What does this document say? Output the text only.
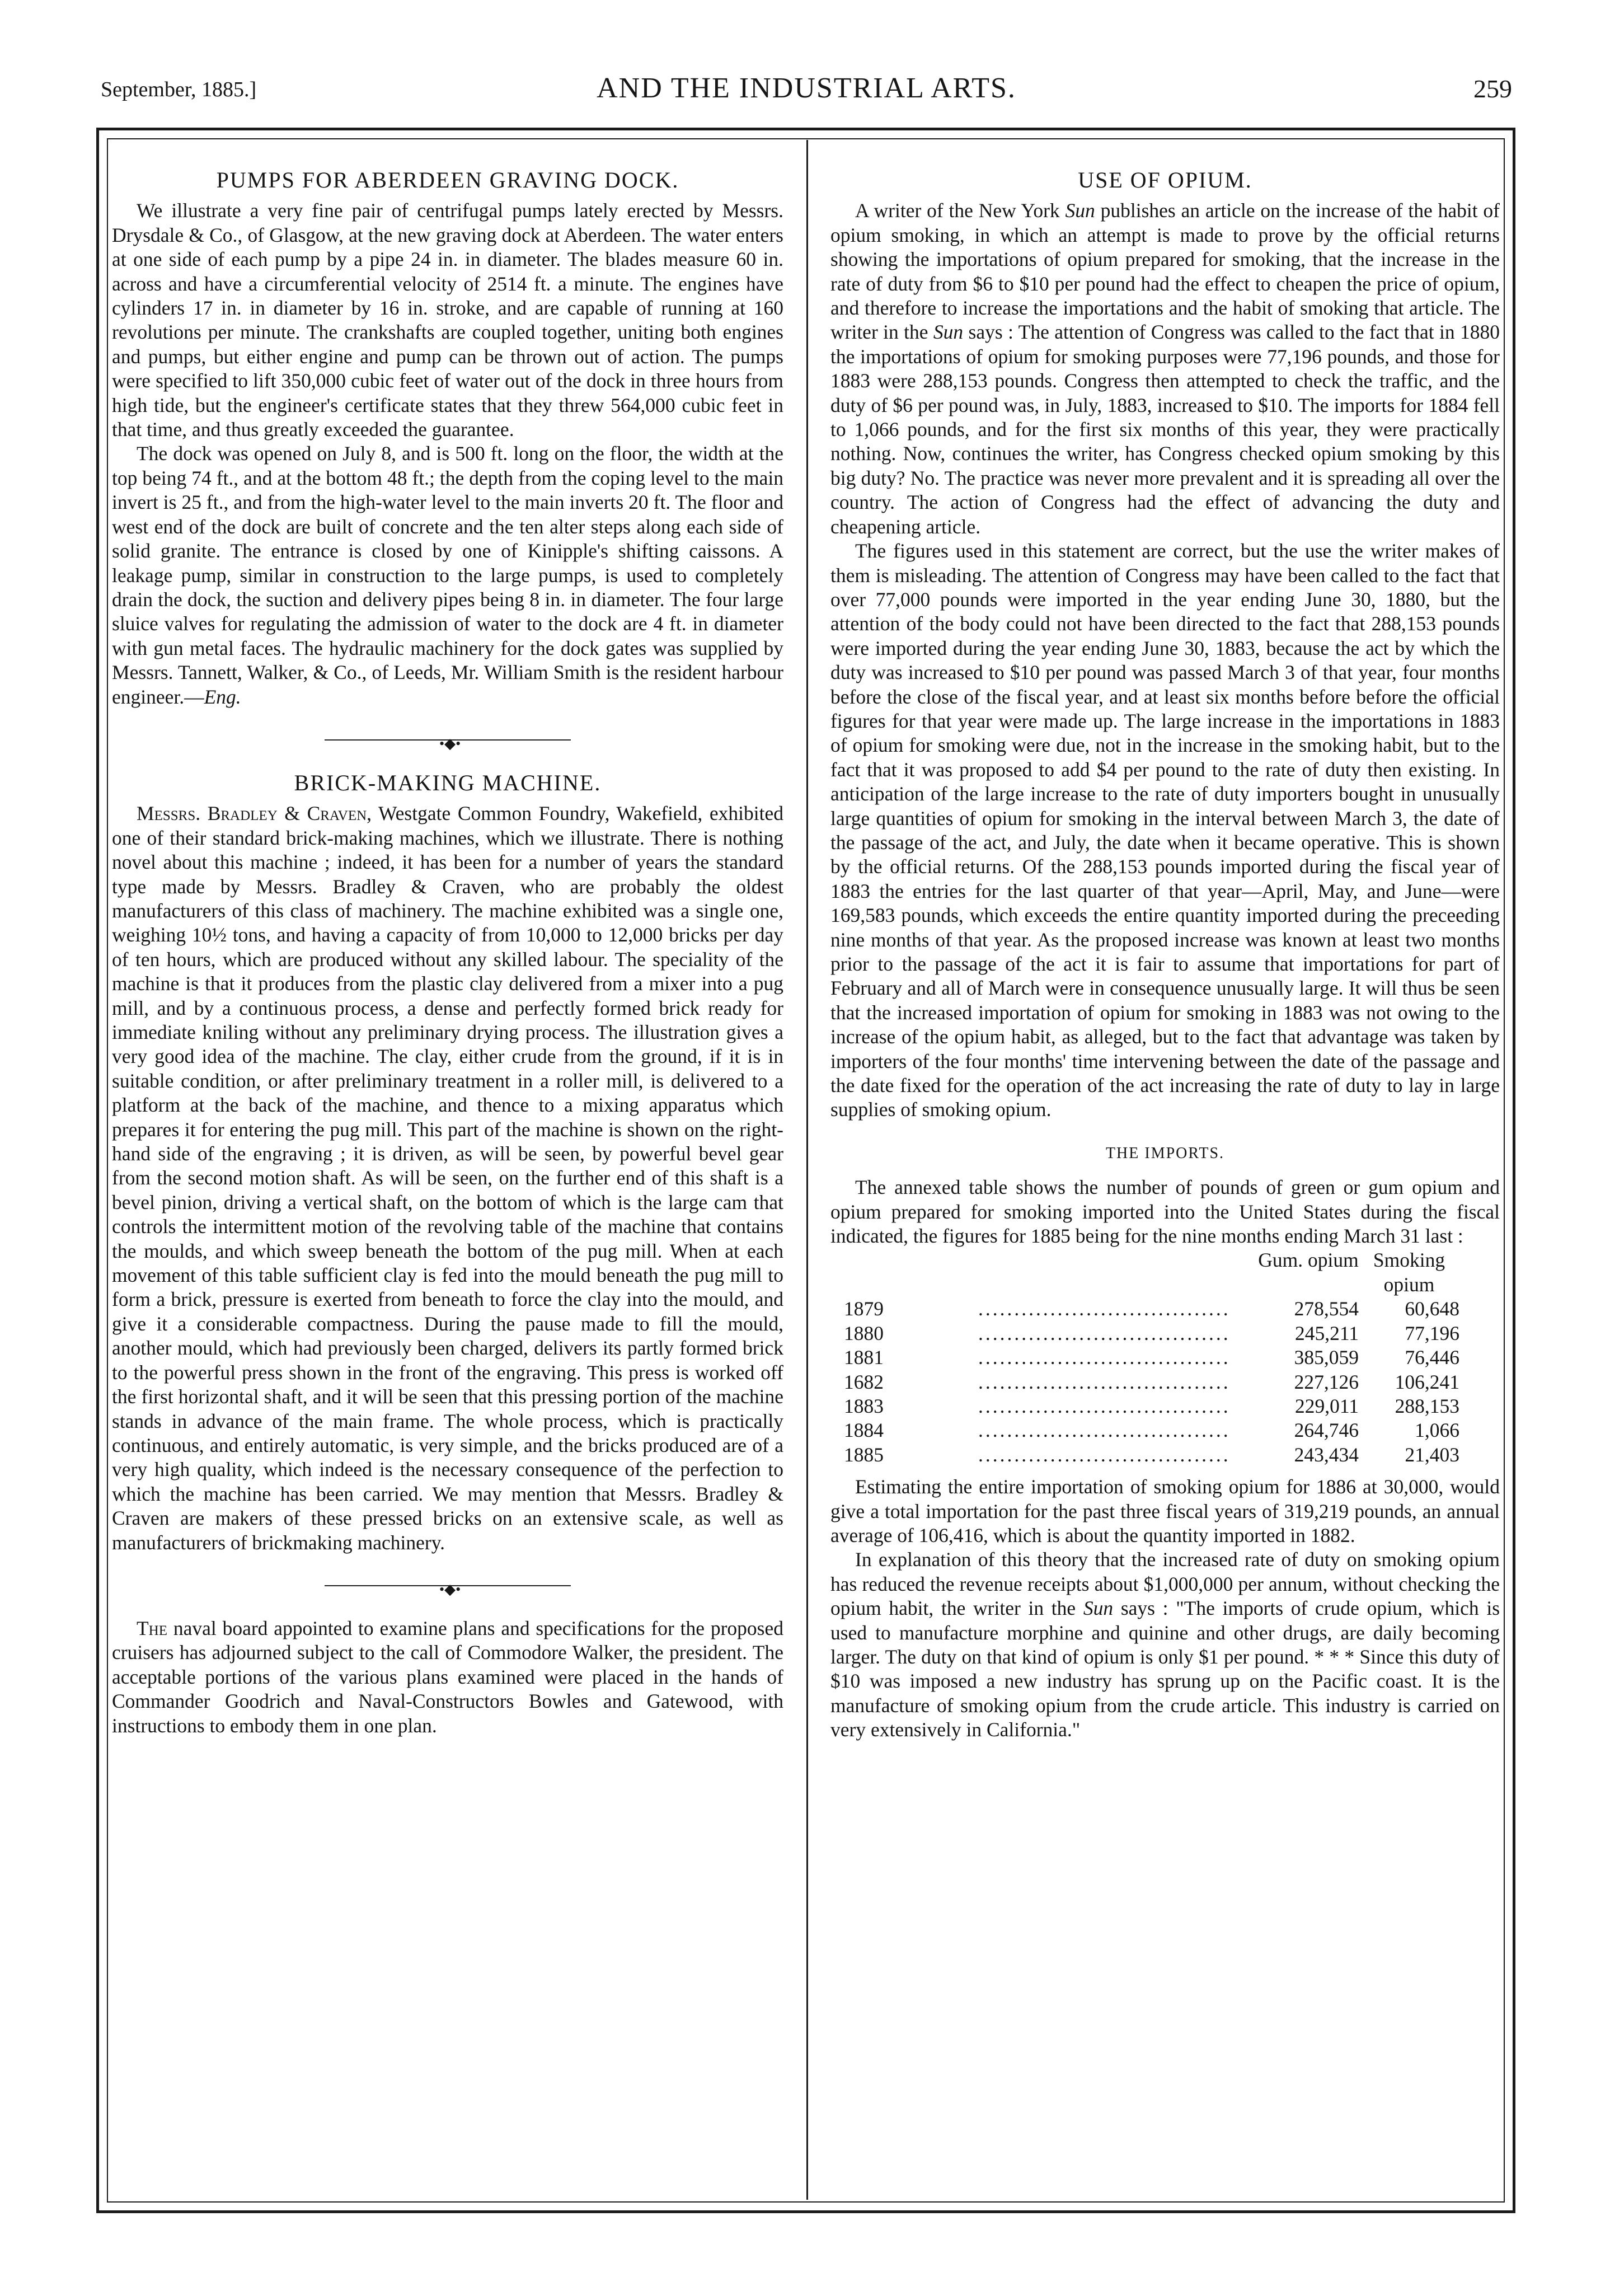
September, 1885.]	AND THE INDUSTRIAL ARTS.	259
PUMPS FOR ABERDEEN GRAVING DOCK.

We illustrate a very fine pair of centrifugal pumps lately erected by Messrs. Drysdale & Co., of Glasgow, at the new graving dock at Aberdeen. The water enters at one side of each pump by a pipe 24 in. in diameter. The blades measure 60 in. across and have a circumferential velocity of 2514 ft. a minute. The engines have cylinders 17 in. in diameter by 16 in. stroke, and are capable of running at 160 revolutions per minute. The crankshafts are coupled together, uniting both engines and pumps, but either engine and pump can be thrown out of action. The pumps were specified to lift 350,000 cubic feet of water out of the dock in three hours from high tide, but the engineer's certificate states that they threw 564,000 cubic feet in that time, and thus greatly exceeded the guarantee.

The dock was opened on July 8, and is 500 ft. long on the floor, the width at the top being 74 ft., and at the bottom 48 ft.; the depth from the coping level to the main invert is 25 ft., and from the high-water level to the main inverts 20 ft. The floor and west end of the dock are built of concrete and the ten alter steps along each side of solid granite. The entrance is closed by one of Kinipple's shifting caissons. A leakage pump, similar in construction to the large pumps, is used to completely drain the dock, the suction and delivery pipes being 8 in. in diameter. The four large sluice valves for regulating the admission of water to the dock are 4 ft. in diameter with gun metal faces. The hydraulic machinery for the dock gates was supplied by Messrs. Tannett, Walker, & Co., of Leeds, Mr. William Smith is the resident harbour engineer.—Eng.

•◆•
BRICK-MAKING MACHINE.

Messrs. Bradley & Craven, Westgate Common Foundry, Wakefield, exhibited one of their standard brick-making machines, which we illustrate. There is nothing novel about this machine ; indeed, it has been for a number of years the standard type made by Messrs. Bradley & Craven, who are probably the oldest manufacturers of this class of machinery. The machine exhibited was a single one, weighing 10½ tons, and having a capacity of from 10,000 to 12,000 bricks per day of ten hours, which are produced without any skilled labour. The speciality of the machine is that it produces from the plastic clay delivered from a mixer into a pug mill, and by a continuous process, a dense and perfectly formed brick ready for immediate kniling without any preliminary drying process. The illustration gives a very good idea of the machine. The clay, either crude from the ground, if it is in suitable condition, or after preliminary treatment in a roller mill, is delivered to a platform at the back of the machine, and thence to a mixing apparatus which prepares it for entering the pug mill. This part of the machine is shown on the right-hand side of the engraving ; it is driven, as will be seen, by powerful bevel gear from the second motion shaft. As will be seen, on the further end of this shaft is a bevel pinion, driving a vertical shaft, on the bottom of which is the large cam that controls the intermittent motion of the revolving table of the machine that contains the moulds, and which sweep beneath the bottom of the pug mill. When at each movement of this table sufficient clay is fed into the mould beneath the pug mill to form a brick, pressure is exerted from beneath to force the clay into the mould, and give it a considerable compactness. During the pause made to fill the mould, another mould, which had previously been charged, delivers its partly formed brick to the powerful press shown in the front of the engraving. This press is worked off the first horizontal shaft, and it will be seen that this pressing portion of the machine stands in advance of the main frame. The whole process, which is practically continuous, and entirely automatic, is very simple, and the bricks produced are of a very high quality, which indeed is the necessary consequence of the perfection to which the machine has been carried. We may mention that Messrs. Bradley & Craven are makers of these pressed bricks on an extensive scale, as well as manufacturers of brickmaking machinery.

•◆•

The naval board appointed to examine plans and specifications for the proposed cruisers has adjourned subject to the call of Commodore Walker, the president. The acceptable portions of the various plans examined were placed in the hands of Commander Goodrich and Naval-Constructors Bowles and Gatewood, with instructions to embody them in one plan.

USE OF OPIUM.

A writer of the New York Sun publishes an article on the increase of the habit of opium smoking, in which an attempt is made to prove by the official returns showing the importations of opium prepared for smoking, that the increase in the rate of duty from $6 to $10 per pound had the effect to cheapen the price of opium, and therefore to increase the importations and the habit of smoking that article. The writer in the Sun says : The attention of Congress was called to the fact that in 1880 the importations of opium for smoking purposes were 77,196 pounds, and those for 1883 were 288,153 pounds. Congress then attempted to check the traffic, and the duty of $6 per pound was, in July, 1883, increased to $10. The imports for 1884 fell to 1,066 pounds, and for the first six months of this year, they were practically nothing. Now, continues the writer, has Congress checked opium smoking by this big duty? No. The practice was never more prevalent and it is spreading all over the country. The action of Congress had the effect of advancing the duty and cheapening article.

The figures used in this statement are correct, but the use the writer makes of them is misleading. The attention of Congress may have been called to the fact that over 77,000 pounds were imported in the year ending June 30, 1880, but the attention of the body could not have been directed to the fact that 288,153 pounds were imported during the year ending June 30, 1883, because the act by which the duty was increased to $10 per pound was passed March 3 of that year, four months before the close of the fiscal year, and at least six months before before the official figures for that year were made up. The large increase in the importations in 1883 of opium for smoking were due, not in the increase in the smoking habit, but to the fact that it was proposed to add $4 per pound to the rate of duty then existing. In anticipation of the large increase to the rate of duty importers bought in unusually large quantities of opium for smoking in the interval between March 3, the date of the passage of the act, and July, the date when it became operative. This is shown by the official returns. Of the 288,153 pounds imported during the fiscal year of 1883 the entries for the last quarter of that year—April, May, and June—were 169,583 pounds, which exceeds the entire quantity imported during the preceeding nine months of that year. As the proposed increase was known at least two months prior to the passage of the act it is fair to assume that importations for part of February and all of March were in consequence unusually large. It will thus be seen that the increased importation of opium for smoking in 1883 was not owing to the increase of the opium habit, as alleged, but to the fact that advantage was taken by importers of the four months' time intervening between the date of the passage and the date fixed for the operation of the act increasing the rate of duty to lay in large supplies of smoking opium.

THE IMPORTS.

The annexed table shows the number of pounds of green or gum opium and opium prepared for smoking imported into the United States during the fiscal indicated, the figures for 1885 being for the nine months ending March 31 last :

Gum. opium Smoking opium
1879	...................................	278,554	60,648
1880	...................................	245,211	77,196
1881	...................................	385,059	76,446
1682	...................................	227,126	106,241
1883	...................................	229,011	288,153
1884	...................................	264,746	1,066
1885	...................................	243,434	21,403

Estimating the entire importation of smoking opium for 1886 at 30,000, would give a total importation for the past three fiscal years of 319,219 pounds, an annual average of 106,416, which is about the quantity imported in 1882.

In explanation of this theory that the increased rate of duty on smoking opium has reduced the revenue receipts about $1,000,000 per annum, without checking the opium habit, the writer in the Sun says : "The imports of crude opium, which is used to manufacture morphine and quinine and other drugs, are daily becoming larger. The duty on that kind of opium is only $1 per pound. * * * Since this duty of $10 was imposed a new industry has sprung up on the Pacific coast. It is the manufacture of smoking opium from the crude article. This industry is carried on very extensively in California."
